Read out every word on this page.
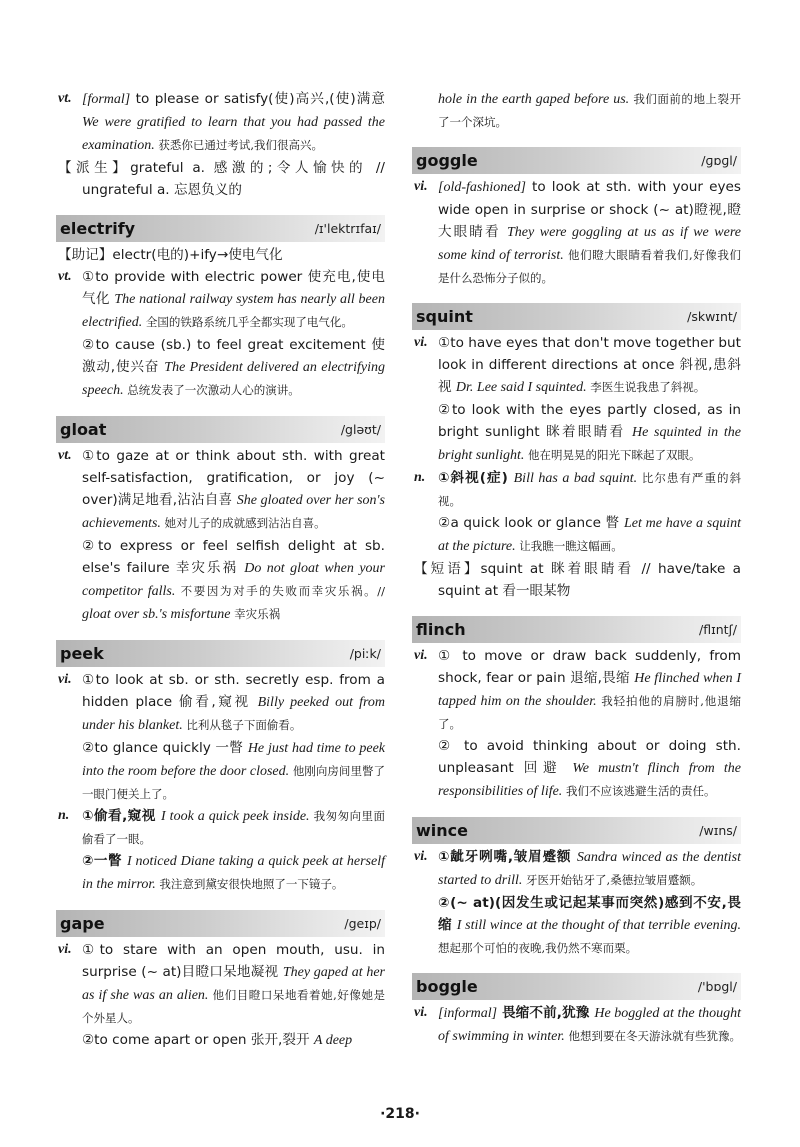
vt. [formal] to please or satisfy(使)高兴,(使)满意 We were gratified to learn that you had passed the examination. 获悉你已通过考试,我们很高兴。
【派生】grateful a. 感激的;令人愉快的 // ungrateful a. 忘恩负义的
electrify	/ɪ'lektrɪfaɪ/
【助记】electr(电的)+ify→使电气化
vt. ①to provide with electric power 使充电,使电气化 The national railway system has nearly all been electrified. 全国的铁路系统几乎全都实现了电气化。
②to cause (sb.) to feel great excitement 使激动,使兴奋 The President delivered an electrifying speech. 总统发表了一次激动人心的演讲。
gloat	/gləʊt/
vt. ①to gaze at or think about sth. with great self-satisfaction, gratification, or joy (~ over)满足地看,沾沾自喜 She gloated over her son's achievements. 她对儿子的成就感到沾沾自喜。
②to express or feel selfish delight at sb. else's failure 幸灾乐祸 Do not gloat when your competitor falls. 不要因为对手的失败而幸灾乐祸。// gloat over sb.'s misfortune 幸灾乐祸
peek	/piːk/
vi. ①to look at sb. or sth. secretly esp. from a hidden place 偷看,窥视 Billy peeked out from under his blanket. 比利从毯子下面偷看。
②to glance quickly 一瞥 He just had time to peek into the room before the door closed. 他刚向房间里瞥了一眼门便关上了。
n. ①偷看,窥视 I took a quick peek inside. 我匆匆向里面偷看了一眼。
②一瞥 I noticed Diane taking a quick peek at herself in the mirror. 我注意到黛安很快地照了一下镜子。
gape	/geɪp/
vi. ①to stare with an open mouth, usu. in surprise (~ at)目瞪口呆地凝视 They gaped at her as if she was an alien. 他们目瞪口呆地看着她,好像她是个外星人。
②to come apart or open 张开,裂开 A deep
hole in the earth gaped before us. 我们面前的地上裂开了一个深坑。
goggle	/ɡɒɡl/
vi. [old-fashioned] to look at sth. with your eyes wide open in surprise or shock (~ at)瞪视,瞪大眼睛看 They were goggling at us as if we were some kind of terrorist. 他们瞪大眼睛看着我们,好像我们是什么恐怖分子似的。
squint	/skwɪnt/
vi. ①to have eyes that don't move together but look in different directions at once 斜视,患斜视 Dr. Lee said I squinted. 李医生说我患了斜视。
②to look with the eyes partly closed, as in bright sunlight 眯着眼睛看 He squinted in the bright sunlight. 他在明晃晃的阳光下眯起了双眼。
n. ①斜视(症) Bill has a bad squint. 比尔患有严重的斜视。
②a quick look or glance 瞥 Let me have a squint at the picture. 让我瞧一瞧这幅画。
【短语】squint at 眯着眼睛看 // have/take a squint at 看一眼某物
flinch	/flɪntʃ/
vi. ① to move or draw back suddenly, from shock, fear or pain 退缩,畏缩 He flinched when I tapped him on the shoulder. 我轻拍他的肩膀时,他退缩了。
② to avoid thinking about or doing sth. unpleasant 回避 We mustn't flinch from the responsibilities of life. 我们不应该逃避生活的责任。
wince	/wɪns/
vi. ①龇牙咧嘴,皱眉蹙额 Sandra winced as the dentist started to drill. 牙医开始钻牙了,桑德拉皱眉蹙额。
②(~ at)(因发生或记起某事而突然)感到不安,畏缩 I still wince at the thought of that terrible evening. 想起那个可怕的夜晚,我仍然不寒而栗。
boggle	/'bɒgl/
vi. [informal] 畏缩不前,犹豫 He boggled at the thought of swimming in winter. 他想到要在冬天游泳就有些犹豫。
·218·
